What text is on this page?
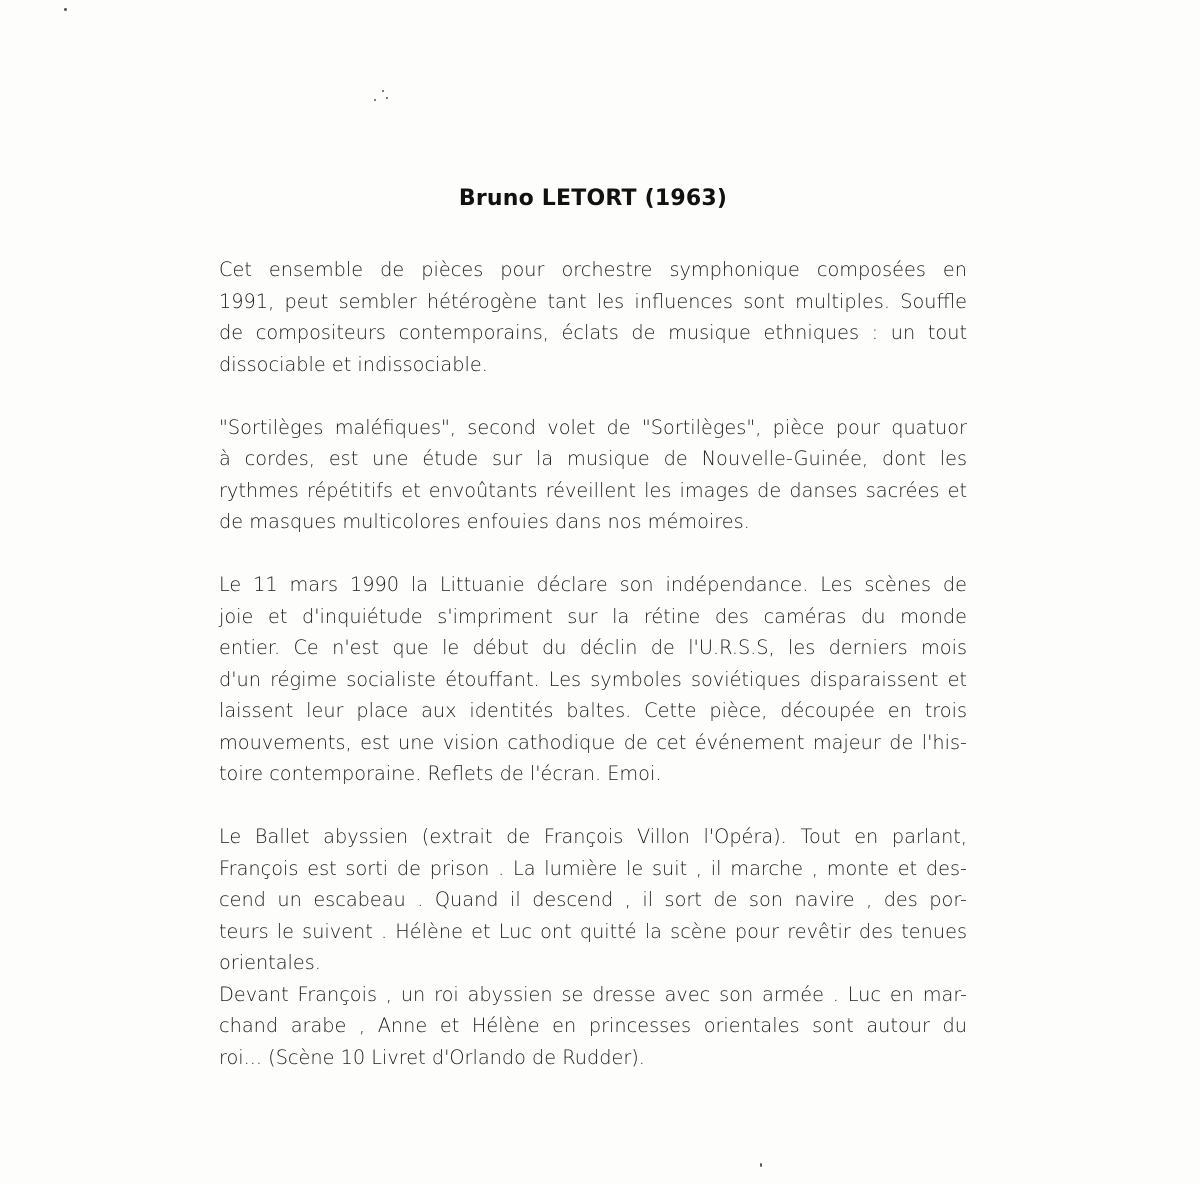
Bruno LETORT (1963)
Cet ensemble de pièces pour orchestre symphonique composées en
1991, peut sembler hétérogène tant les influences sont multiples. Souffle
de compositeurs contemporains, éclats de musique ethniques : un tout
dissociable et indissociable.
"Sortilèges maléfiques", second volet de "Sortilèges", pièce pour quatuor
à cordes, est une étude sur la musique de Nouvelle-Guinée, dont les
rythmes répétitifs et envoûtants réveillent les images de danses sacrées et
de masques multicolores enfouies dans nos mémoires.
Le 11 mars 1990 la Littuanie déclare son indépendance. Les scènes de
joie et d'inquiétude s'impriment sur la rétine des caméras du monde
entier. Ce n'est que le début du déclin de l'U.R.S.S, les derniers mois
d'un régime socialiste étouffant. Les symboles soviétiques disparaissent et
laissent leur place aux identités baltes. Cette pièce, découpée en trois
mouvements, est une vision cathodique de cet événement majeur de l'his-
toire contemporaine. Reflets de l'écran. Emoi.
Le Ballet abyssien (extrait de François Villon l'Opéra). Tout en parlant,
François est sorti de prison . La lumière le suit , il marche , monte et des-
cend un escabeau . Quand il descend , il sort de son navire , des por-
teurs le suivent . Hélène et Luc ont quitté la scène pour revêtir des tenues
orientales.
Devant François , un roi abyssien se dresse avec son armée . Luc en mar-
chand arabe , Anne et Hélène en princesses orientales sont autour du
roi... (Scène 10 Livret d'Orlando de Rudder).
